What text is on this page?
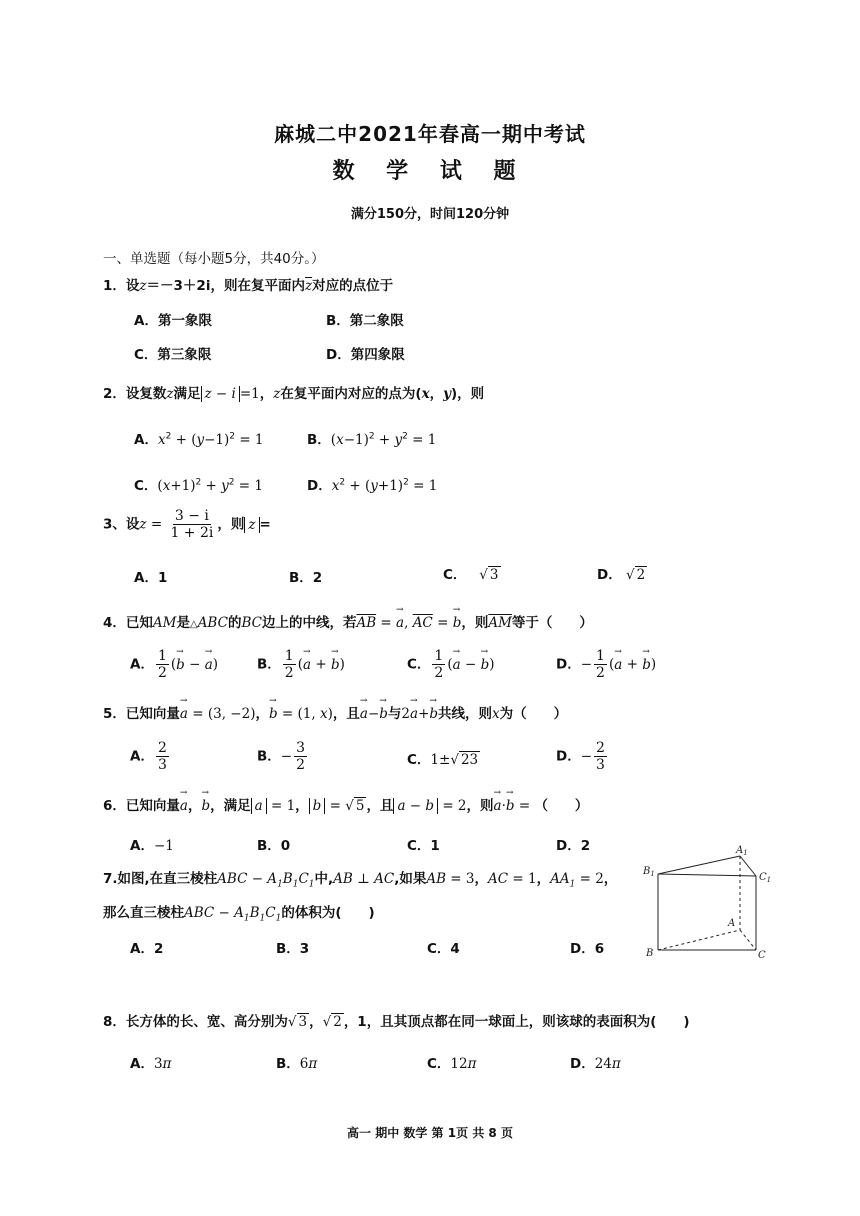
麻城二中2021年春高一期中考试
数 学 试 题
满分150分，时间120分钟
一、单选题（每小题5分，共40分。）
1．设z＝－3＋2i，则在复平面内$\overline{z}$对应的点位于
A．第一象限	B．第二象限
C．第三象限	D．第四象限
2．设复数z满足 z − i =1，z在复平面内对应的点为(x，y)，则
A．$x^2 + (y-1)^2 = 1$	B．$(x-1)^2 + y^2 = 1$
C．$(x+1)^2 + y^2 = 1$	D．$x^2 + (y+1)^2 = 1$
3、设$z = \frac{3 - i}{1 + 2i}$ ，则 z =
A．1	B．2	C． √ 3	D． √ 2
4．已知AM是△ABC的BC边上的中线，若$\overline{AB}$ = → a, $\overline{AC}$ = → b，则$\overline{AM}$等于（　　）
A． $\frac{1}{2}$ (→ b − → a)	B． $\frac{1}{2}$ (→ a + → b)	C． $\frac{1}{2}$ (→ a − → b)	D．− $\frac{1}{2}$ (→ a + → b)
5．已知向量→ a = (3, −2)，→ b = (1, x)，且→ a−→ b与2→ a+→ b共线，则x为（　　）
A． $\frac{2}{3}$	B．− $\frac{3}{2}$	C．1±√ 23	D．− $\frac{2}{3}$
6．已知向量→ a，→ b，满足 a = 1， b = √ 5 ，且 a − b = 2，则→ a·→ b = （　　）
A．−1	B．0	C．1	D．2
7.如图,在直三棱柱ABC − $A_1B_1C_1$中,AB ⊥ AC,如果AB = 3，AC = 1，$AA_1 = 2$，
那么直三棱柱ABC − $A_1B_1C_1$的体积为(　　)
A．2	B．3	C．4	D．6
$A_1$
$B_1$	$C_1$
A
B	C
8．长方体的长、宽、高分别为√ 3 ，√ 2 ，1，且其顶点都在同一球面上，则该球的表面积为(　　)
A．3π	B．6π	C．12π	D．24π
高一 期中 数学 第 1页 共 8 页
